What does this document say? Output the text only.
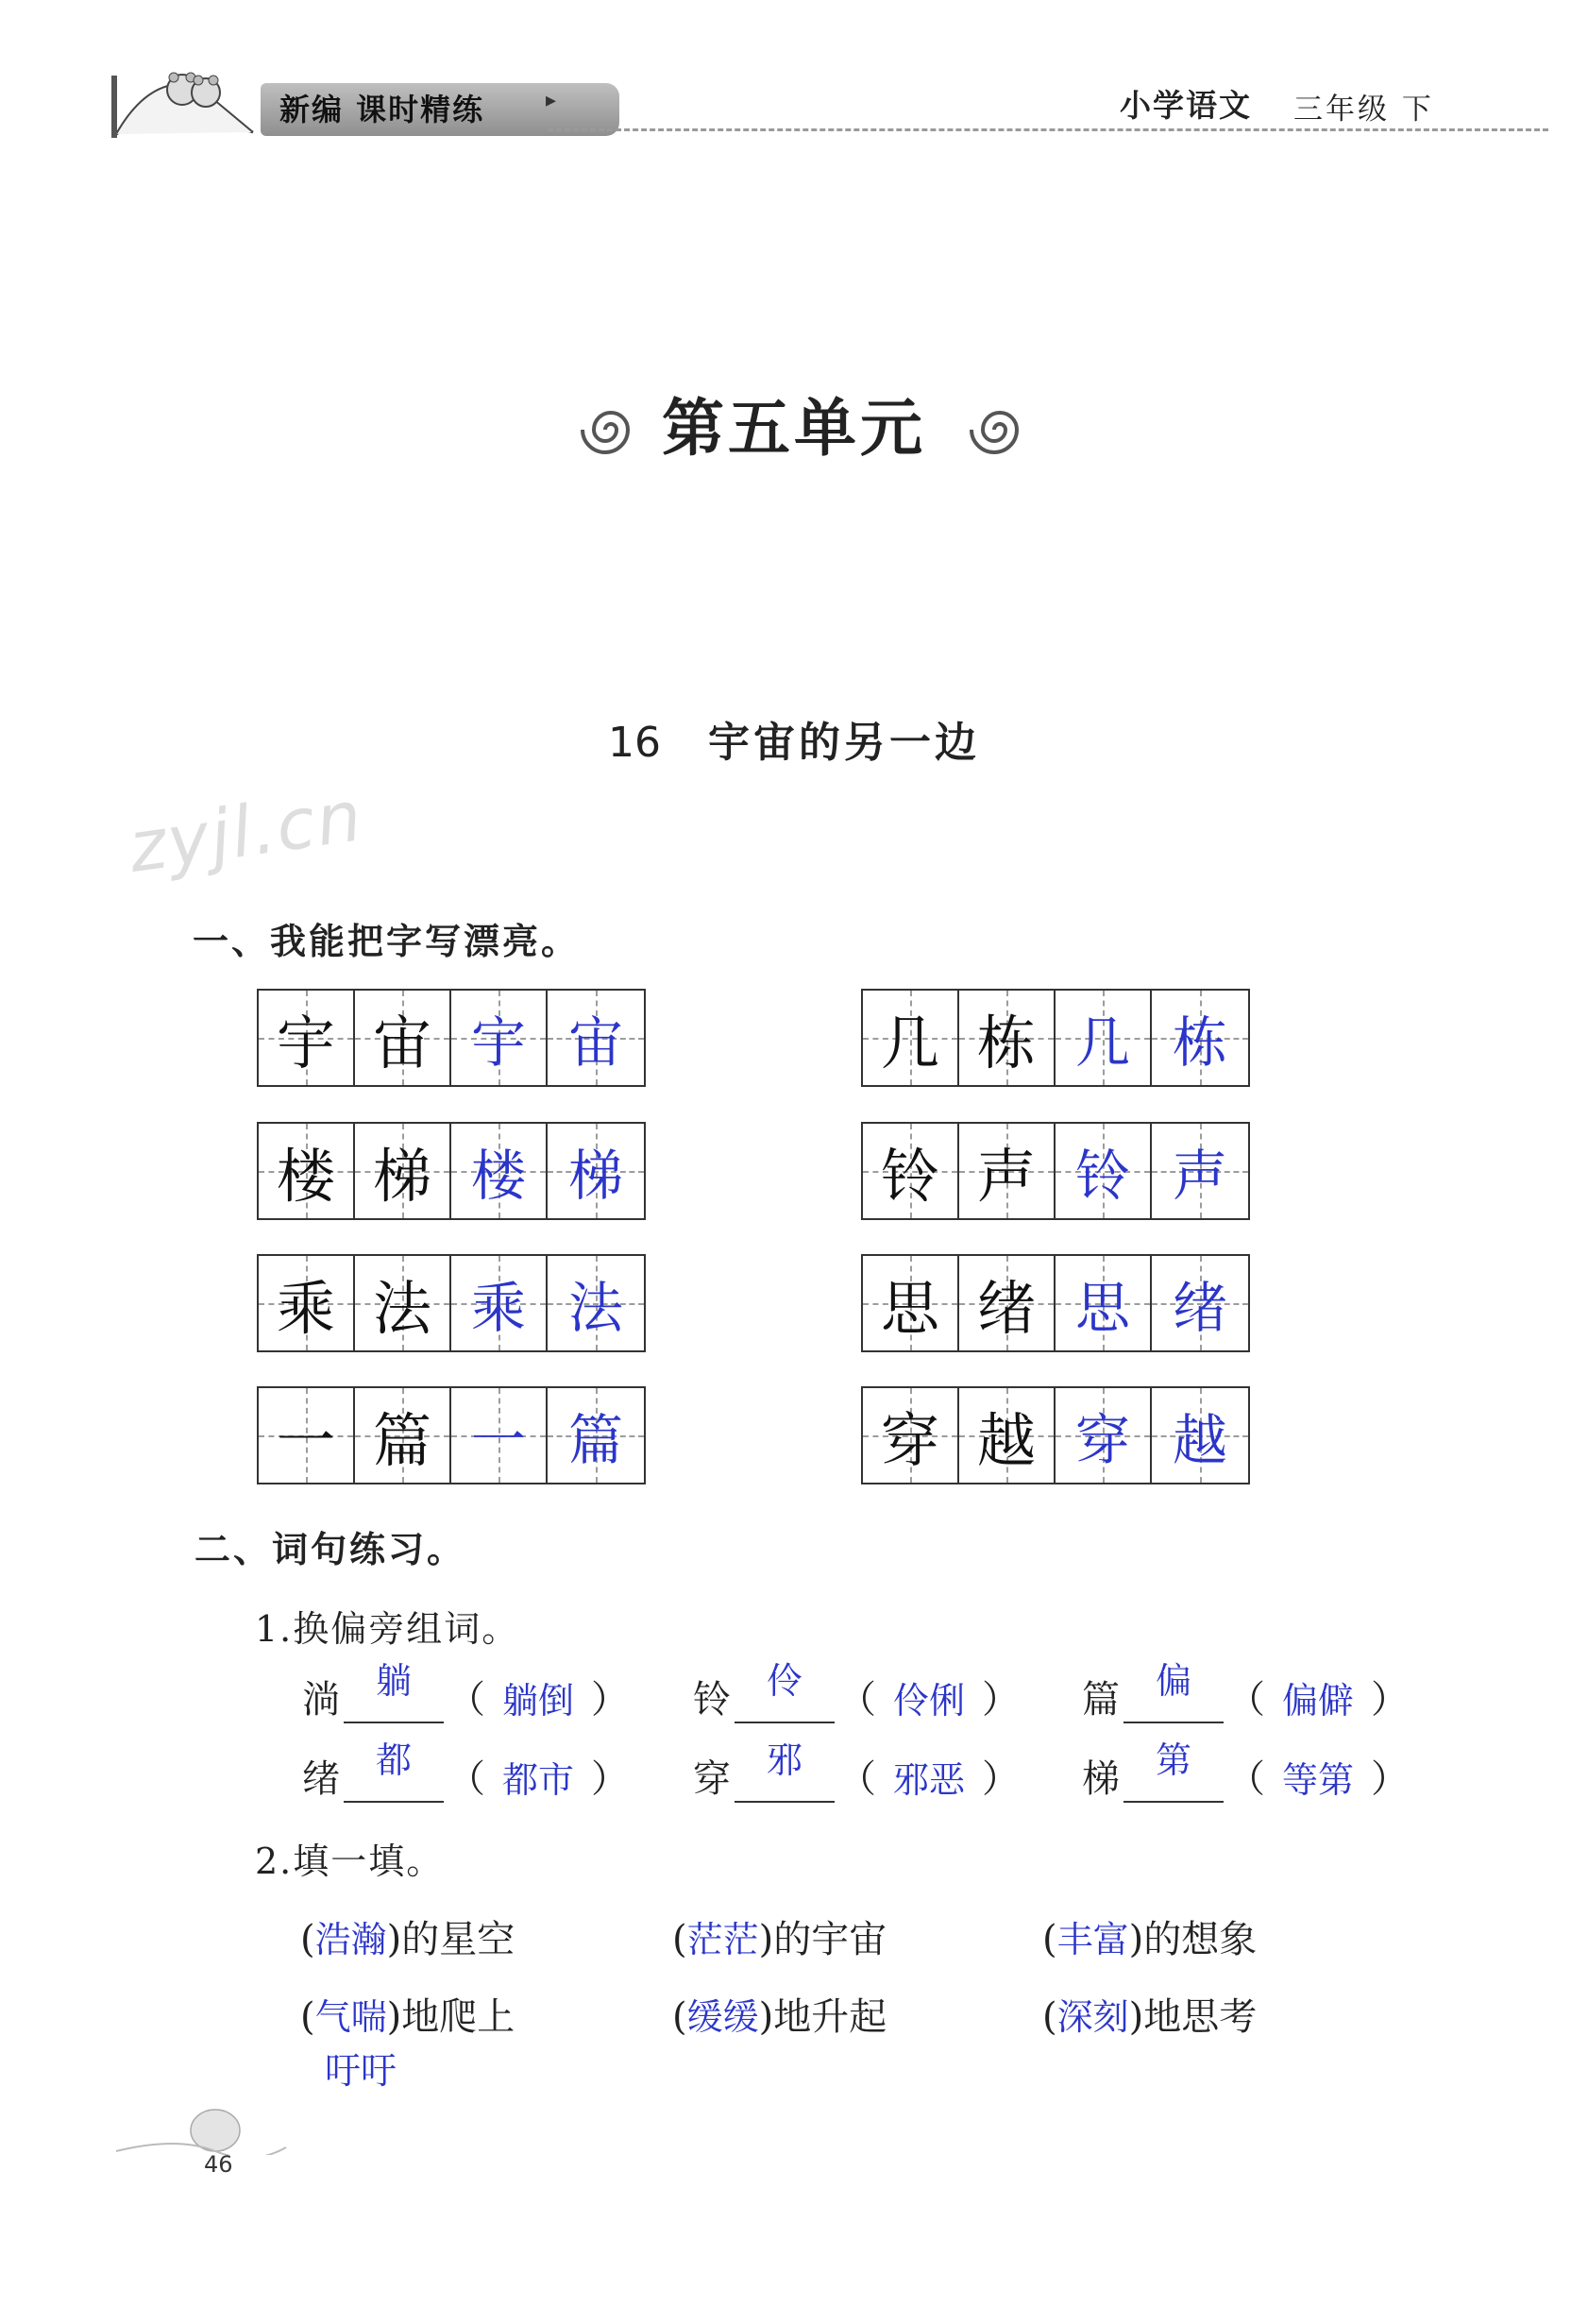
新编 课时精练	▸	小学语文 三年级 下
第五单元
16 宇宙的另一边
zyjl.cn
一、我能把字写漂亮。
宇 宙 宇 宙	几 栋 几 栋
楼 梯 楼 梯	铃 声 铃 声
乘 法 乘 法	思 绪 思 绪
一 篇 一 篇	穿 越 穿 越
二、词句练习。
1.换偏旁组词。
淌 躺 （ 躺倒 ） 铃 伶 （ 伶俐 ） 篇 偏 （ 偏僻 ）
绪 都 （ 都市 ） 穿 邪 （ 邪恶 ） 梯 第 （ 等第 ）
2.填一填。
(浩瀚)的星空	(茫茫)的宇宙	(丰富)的想象
(气喘)地爬上	(缓缓)地升起	(深刻)地思考
吁吁
46
